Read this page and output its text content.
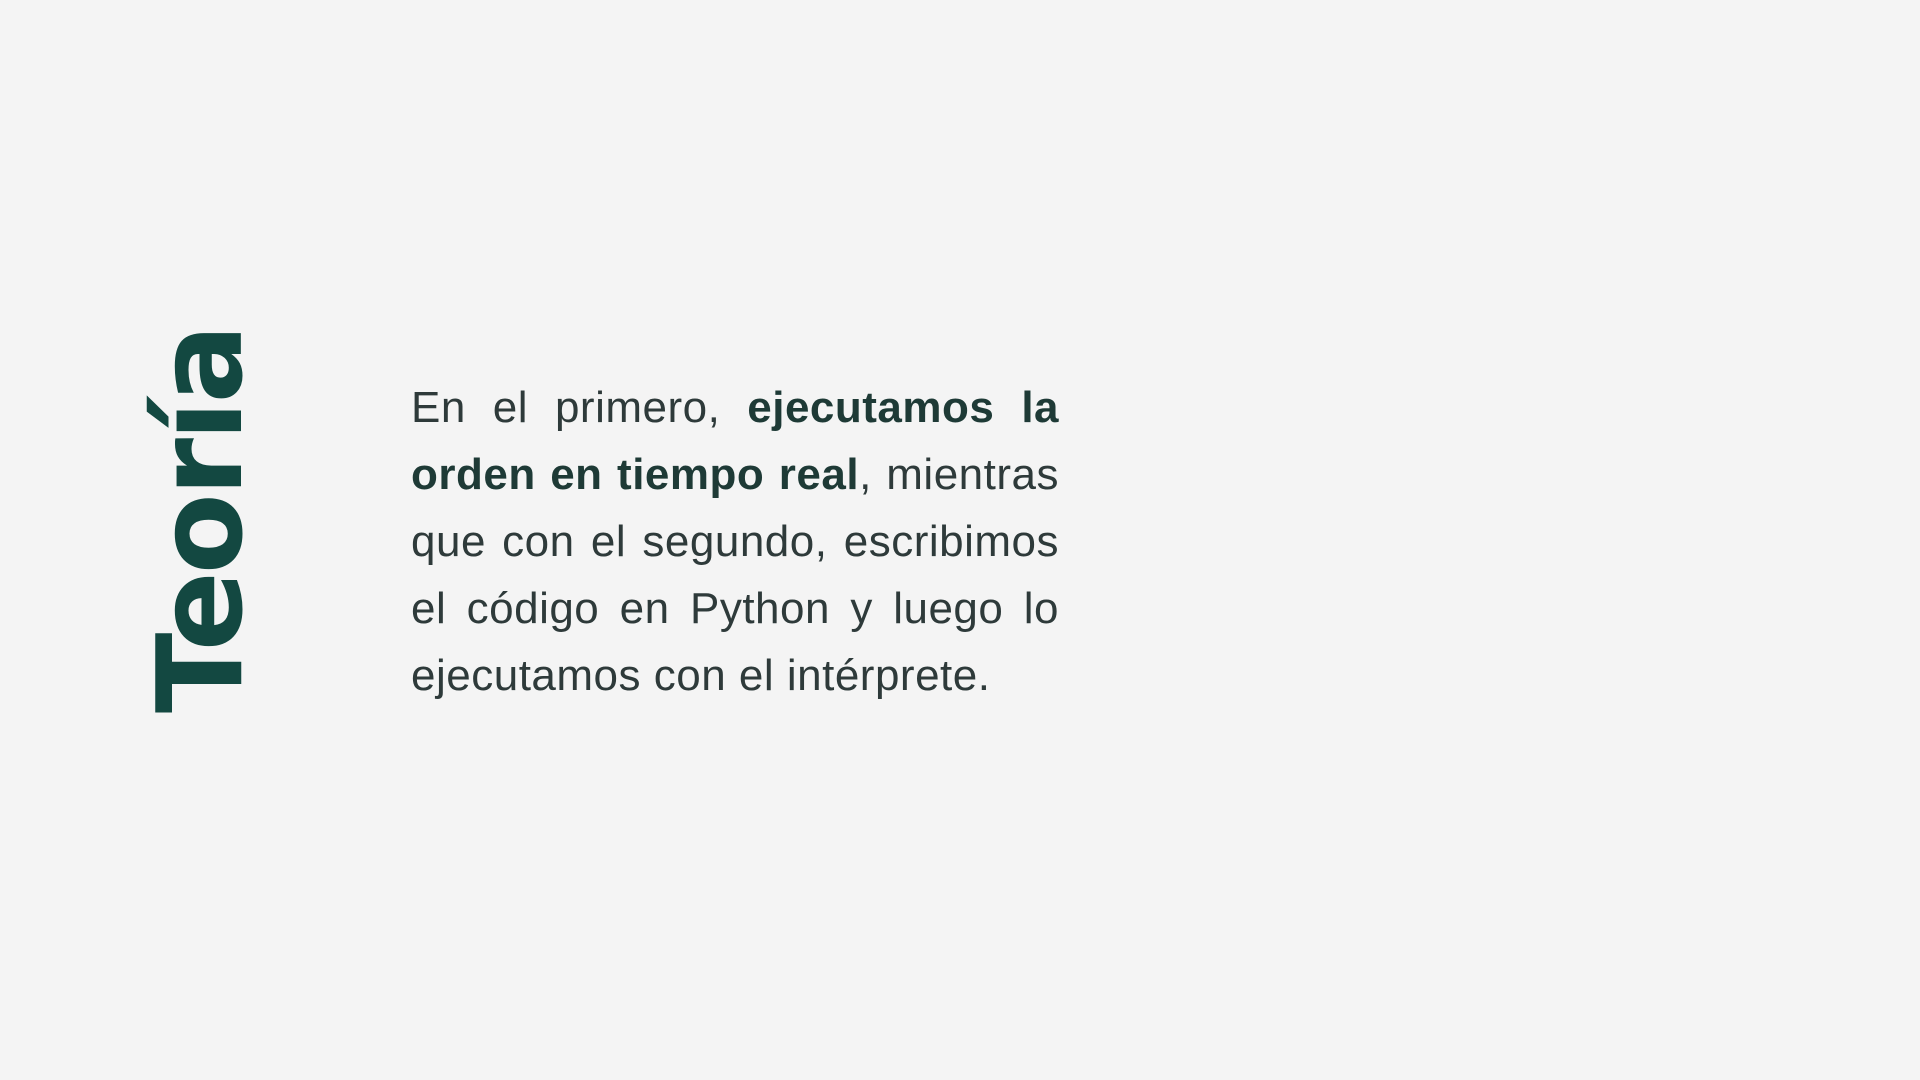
Teoría	En el primero, ejecutamos la orden en tiempo real, mientras que con el segundo, escribimos el código en Python y luego lo ejecutamos con el intérprete.
